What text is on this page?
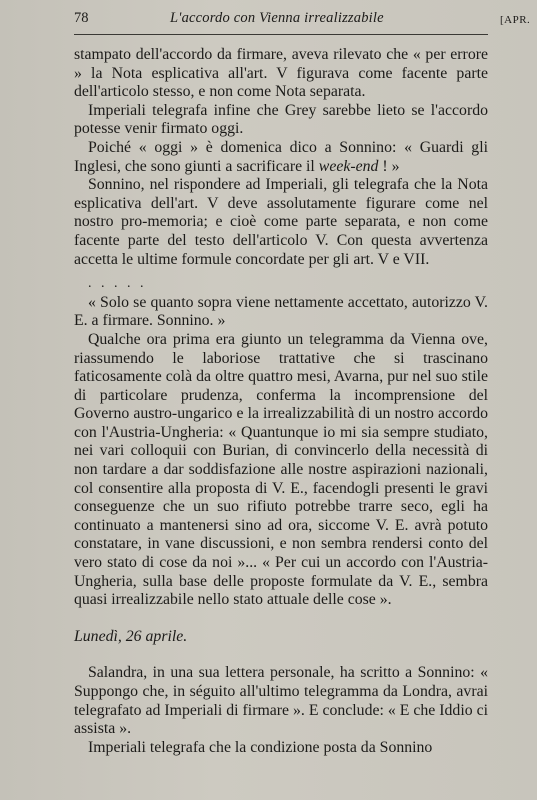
78	L'accordo con Vienna irrealizzabile	[APR.

stampato dell'accordo da firmare, aveva rilevato che « per errore » la Nota esplicativa all'art. V figurava come facente parte dell'articolo stesso, e non come Nota separata.

Imperiali telegrafa infine che Grey sarebbe lieto se l'accordo potesse venir firmato oggi.

Poiché « oggi » è domenica dico a Sonnino: « Guardi gli Inglesi, che sono giunti a sacrificare il week-end ! »

Sonnino, nel rispondere ad Imperiali, gli telegrafa che la Nota esplicativa dell'art. V deve assolutamente figurare come nel nostro pro-memoria; e cioè come parte separata, e non come facente parte del testo dell'articolo V. Con questa avvertenza accetta le ultime formule concordate per gli art. V e VII.

. . . . .

« Solo se quanto sopra viene nettamente accettato, autorizzo V. E. a firmare. Sonnino. »

Qualche ora prima era giunto un telegramma da Vienna ove, riassumendo le laboriose trattative che si trascinano faticosamente colà da oltre quattro mesi, Avarna, pur nel suo stile di particolare prudenza, conferma la incomprensione del Governo austro-ungarico e la irrealizzabilità di un nostro accordo con l'Austria-Ungheria: « Quantunque io mi sia sempre studiato, nei vari colloquii con Burian, di convincerlo della necessità di non tardare a dar soddisfazione alle nostre aspirazioni nazionali, col consentire alla proposta di V. E., facendogli presenti le gravi conseguenze che un suo rifiuto potrebbe trarre seco, egli ha continuato a mantenersi sino ad ora, siccome V. E. avrà potuto constatare, in vane discussioni, e non sembra rendersi conto del vero stato di cose da noi »... « Per cui un accordo con l'Austria-Ungheria, sulla base delle proposte formulate da V. E., sembra quasi irrealizzabile nello stato attuale delle cose ».

Lunedì, 26 aprile.

Salandra, in una sua lettera personale, ha scritto a Sonnino: « Suppongo che, in séguito all'ultimo telegramma da Londra, avrai telegrafato ad Imperiali di firmare ». E conclude: « E che Iddio ci assista ».

Imperiali telegrafa che la condizione posta da Sonnino
